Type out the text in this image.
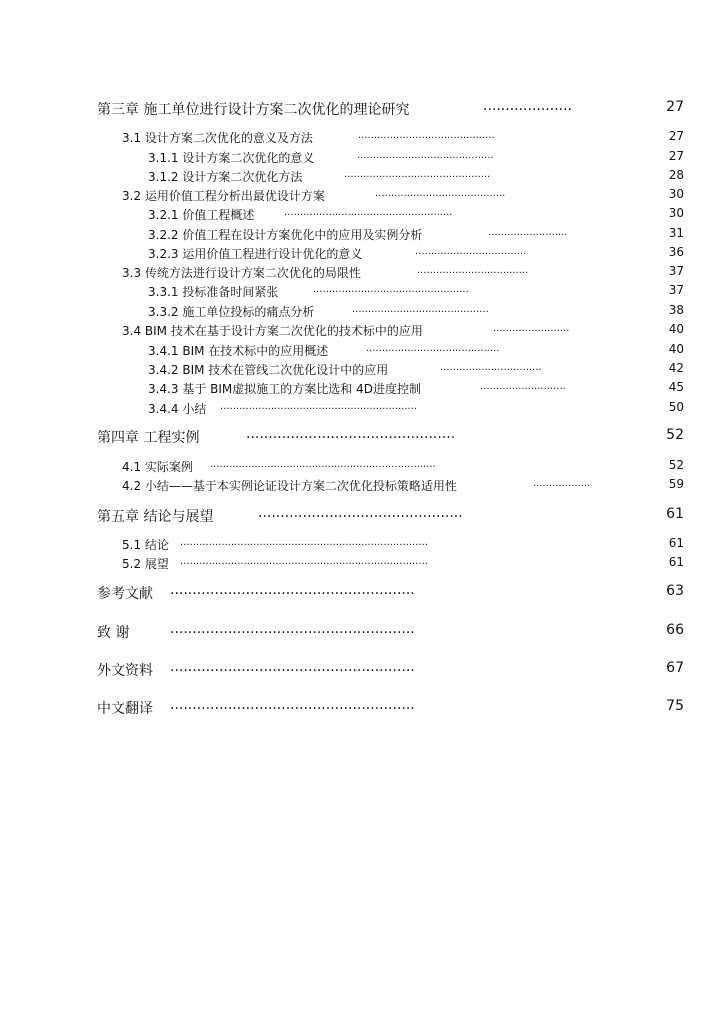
第三章 施工单位进行设计方案二次优化的理论研究	....................	27
3.1 设计方案二次优化的意义及方法	...........................................	27
3.1.1 设计方案二次优化的意义	...........................................	27
3.1.2 设计方案二次优化方法	..............................................	28
3.2 运用价值工程分析出最优设计方案	.........................................	30
3.2.1 价值工程概述	.....................................................	30
3.2.2 价值工程在设计方案优化中的应用及实例分析	.........................	31
3.2.3 运用价值工程进行设计优化的意义	...................................	36
3.3 传统方法进行设计方案二次优化的局限性	...................................	37
3.3.1 投标准备时间紧张	.................................................	37
3.3.2 施工单位投标的痛点分析	...........................................	38
3.4 BIM 技术在基于设计方案二次优化的技术标中的应用	........................	40
3.4.1 BIM 在技术标中的应用概述	..........................................	40
3.4.2 BIM 技术在管线二次优化设计中的应用	................................	42
3.4.3 基于 BIM虚拟施工的方案比选和 4D进度控制	...........................	45
3.4.4 小结 ..............................................................	50
第四章 工程实例	...............................................	52
4.1 实际案例 .......................................................................	52
4.2 小结——基于本实例论证设计方案二次优化投标策略适用性	..................	59
第五章 结论与展望	..............................................	61
5.1 结论 ..............................................................................	61
5.2 展望 ..............................................................................	61
参考文献 .......................................................	63
致 谢	.......................................................	66
外文资料 .......................................................	67
中文翻译 .......................................................	75
